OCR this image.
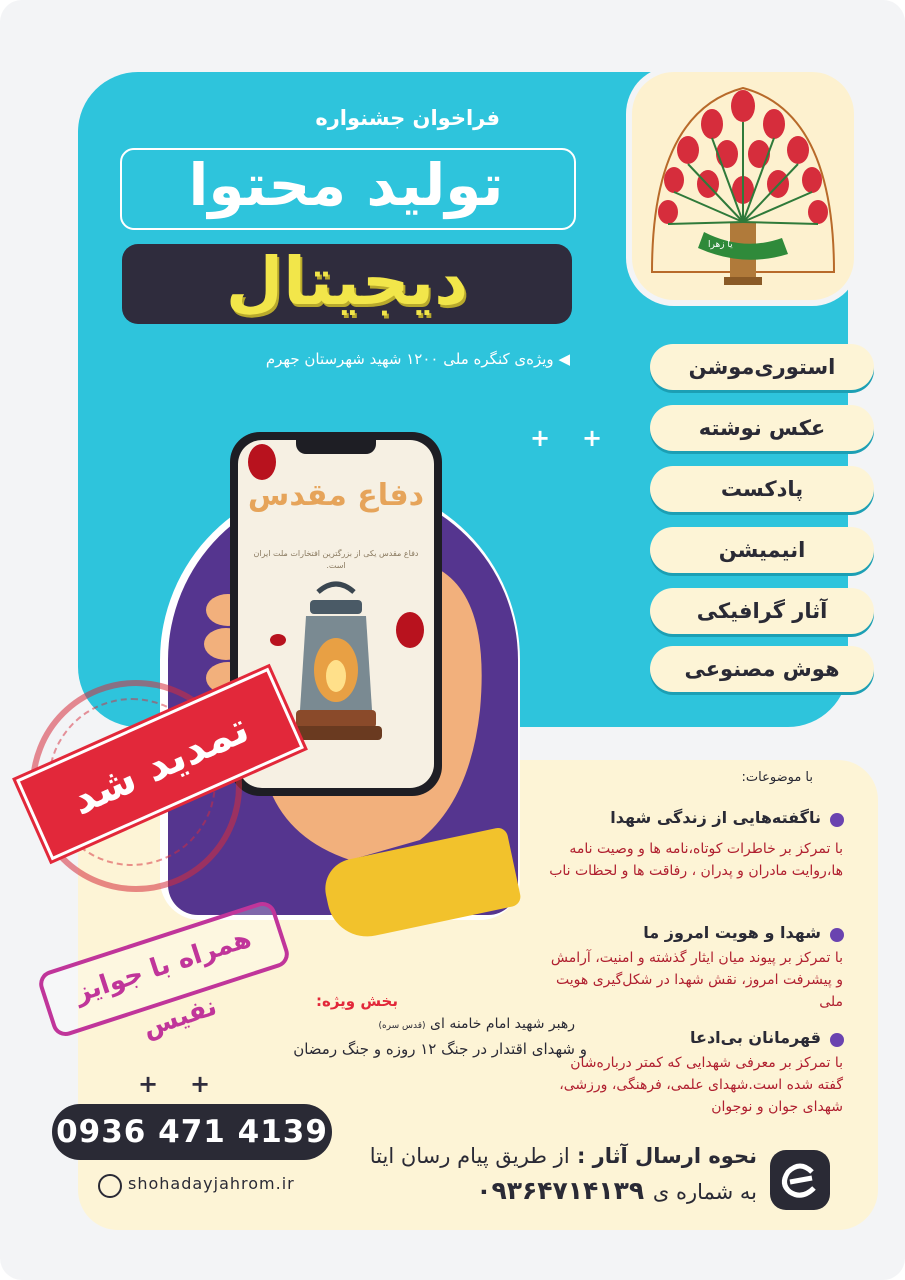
یا زهرا
فراخوان جشنواره
تولید محتوا
دیجیتال
◀ ویژه‌ی کنگره ملی ۱۲۰۰ شهید شهرستان جهرم	استوری‌موشن
عکس نوشته
پادکست
انیمیشن
آثار گرافیکی
هوش مصنوعی
+ +
+ +
دفاع مقدس
دفاع مقدس یکی از بزرگترین افتخارات ملت ایران است.
تمدید شد
همراه با جوایز نفیس
با موضوعات:
ناگفته‌هایی از زندگی شهدا
با تمرکز بر خاطرات کوتاه،نامه ها و وصیت نامه ها،روایت مادران و پدران ، رفاقت ها و لحظات ناب
شهدا و هویت امروز ما
با تمرکز بر پیوند میان ایثار گذشته و امنیت، آرامش و پیشرفت امروز، نقش شهدا در شکل‌گیری هویت ملی
قهرمانان بی‌ادعا
با تمرکز بر معرفی شهدایی که کمتر درباره‌شان گفته شده است.شهدای علمی، فرهنگی، ورزشی، شهدای جوان و نوجوان
بخش ویژه:
رهبر شهید امام خامنه ای (قدس سره)
و شهدای اقتدار در جنگ ۱۲ روزه و جنگ رمضان
0936 471 4139
shohadayjahrom.ir
نحوه ارسال آثار : از طریق پیام رسان ایتا
به شماره ی ۰۹۳۶۴۷۱۴۱۳۹
